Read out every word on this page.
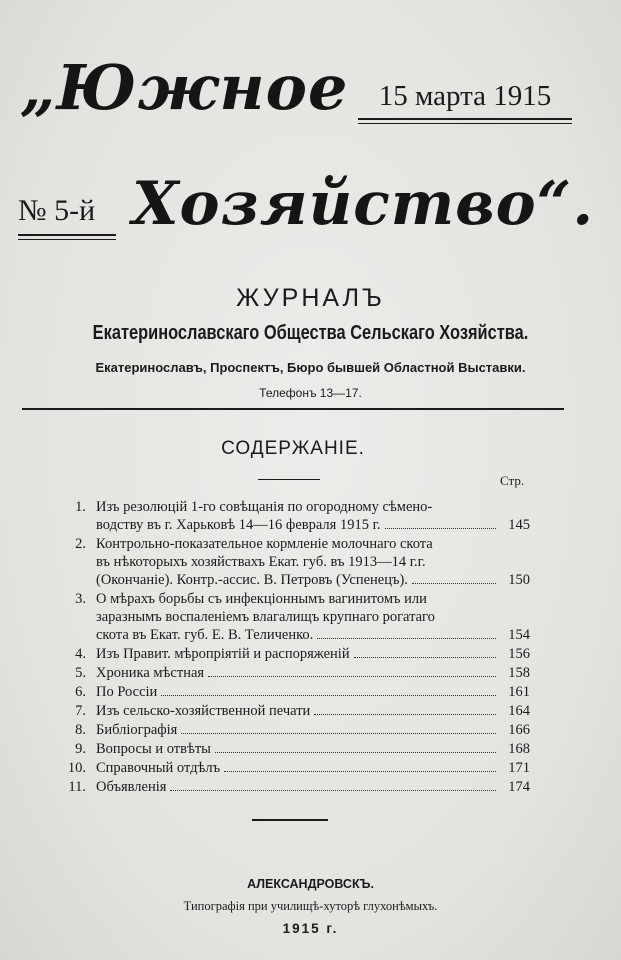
„Южное	15 марта 1915
№ 5-й Хозяйство“.
ЖУРНАЛЪ
Екатеринославскаго Общества Сельскаго Хозяйства.
Екатеринославъ, Проспектъ, Бюро бывшей Областной Выставки.
Телефонъ 13—17.
СОДЕРЖАНІЕ.
Стр.
1. Изъ резолюцій 1-го совѣщанія по огородному сѣмено-
водству въ г. Харьковѣ 14—16 февраля 1915 г.	145
2. Контрольно-показательное кормленіе молочнаго скота
въ нѣкоторыхъ хозяйствахъ Екат. губ. въ 1913—14 г.г.
(Окончаніе). Контр.-ассис. В. Петровъ (Успенецъ).	150
3. О мѣрахъ борьбы съ инфекціоннымъ вагинитомъ или
заразнымъ воспаленіемъ влагалищъ крупнаго рогатаго
скота въ Екат. губ. Е. В. Теличенко.	154
4. Изъ Правит. мѣропріятій и распоряженій	156
5. Хроника мѣстная	158
6. По Россіи	161
7. Изъ сельско-хозяйственной печати	164
8. Библіографія	166
9. Вопросы и отвѣты	168
10. Справочный отдѣлъ	171
11. Объявленія	174
АЛЕКСАНДРОВСКЪ.
Типографія при училищѣ-хуторѣ глухонѣмыхъ.
1915 г.
